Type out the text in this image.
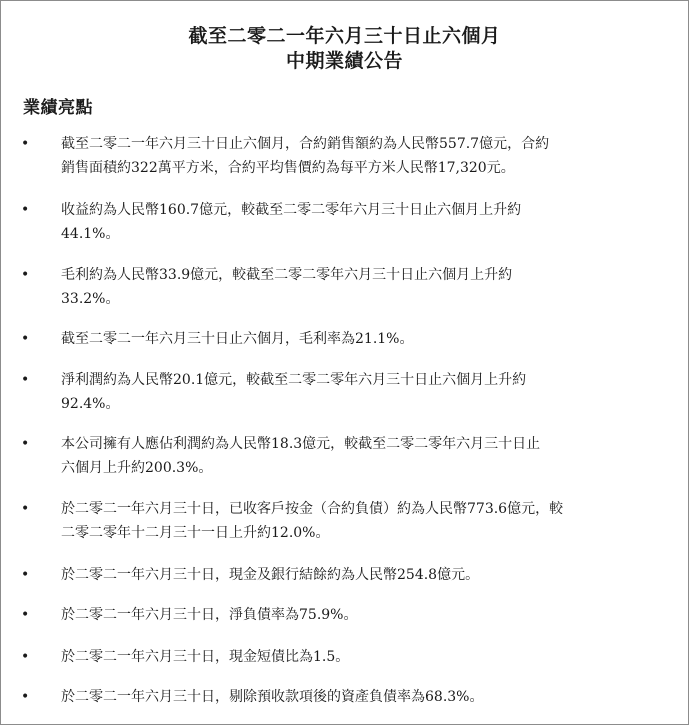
截至二零二一年六月三十日止六個月
中期業績公告
業績亮點
• 截至二零二一年六月三十日止六個月，合約銷售額約為人民幣557.7億元，合約
銷售面積約322萬平方米，合約平均售價約為每平方米人民幣17,320元。
• 收益約為人民幣160.7億元，較截至二零二零年六月三十日止六個月上升約
44.1%。
• 毛利約為人民幣33.9億元，較截至二零二零年六月三十日止六個月上升約
33.2%。
• 截至二零二一年六月三十日止六個月，毛利率為21.1%。
• 淨利潤約為人民幣20.1億元，較截至二零二零年六月三十日止六個月上升約
92.4%。
• 本公司擁有人應佔利潤約為人民幣18.3億元，較截至二零二零年六月三十日止
六個月上升約200.3%。
• 於二零二一年六月三十日，已收客戶按金（合約負債）約為人民幣773.6億元，較
二零二零年十二月三十一日上升約12.0%。
• 於二零二一年六月三十日，現金及銀行結餘約為人民幣254.8億元。
• 於二零二一年六月三十日，淨負債率為75.9%。
• 於二零二一年六月三十日，現金短債比為1.5。
• 於二零二一年六月三十日，剔除預收款項後的資產負債率為68.3%。
